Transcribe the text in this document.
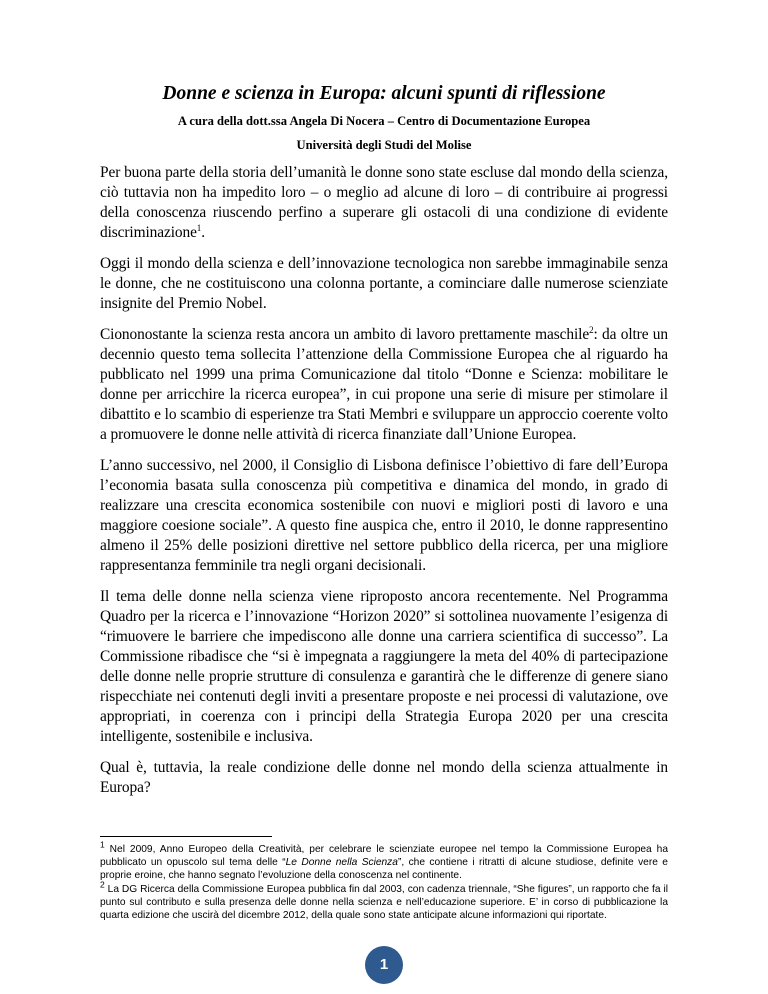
Donne e scienza in Europa: alcuni spunti di riflessione
A cura della dott.ssa Angela Di Nocera – Centro di Documentazione Europea
Università degli Studi del Molise

Per buona parte della storia dell’umanità le donne sono state escluse dal mondo della scienza, ciò tuttavia non ha impedito loro – o meglio ad alcune di loro – di contribuire ai progressi della conoscenza riuscendo perfino a superare gli ostacoli di una condizione di evidente discriminazione$^1$.

Oggi il mondo della scienza e dell’innovazione tecnologica non sarebbe immaginabile senza le donne, che ne costituiscono una colonna portante, a cominciare dalle numerose scienziate insignite del Premio Nobel.

Ciononostante la scienza resta ancora un ambito di lavoro prettamente maschile$^2$: da oltre un decennio questo tema sollecita l’attenzione della Commissione Europea che al riguardo ha pubblicato nel 1999 una prima Comunicazione dal titolo “Donne e Scienza: mobilitare le donne per arricchire la ricerca europea”, in cui propone una serie di misure per stimolare il dibattito e lo scambio di esperienze tra Stati Membri e sviluppare un approccio coerente volto a promuovere le donne nelle attività di ricerca finanziate dall’Unione Europea.

L’anno successivo, nel 2000, il Consiglio di Lisbona definisce l’obiettivo di fare dell’Europa l’economia basata sulla conoscenza più competitiva e dinamica del mondo, in grado di realizzare una crescita economica sostenibile con nuovi e migliori posti di lavoro e una maggiore coesione sociale”. A questo fine auspica che, entro il 2010, le donne rappresentino almeno il 25% delle posizioni direttive nel settore pubblico della ricerca, per una migliore rappresentanza femminile tra negli organi decisionali.

Il tema delle donne nella scienza viene riproposto ancora recentemente. Nel Programma Quadro per la ricerca e l’innovazione “Horizon 2020” si sottolinea nuovamente l’esigenza di “rimuovere le barriere che impediscono alle donne una carriera scientifica di successo”. La Commissione ribadisce che “si è impegnata a raggiungere la meta del 40% di partecipazione delle donne nelle proprie strutture di consulenza e garantirà che le differenze di genere siano rispecchiate nei contenuti degli inviti a presentare proposte e nei processi di valutazione, ove appropriati, in coerenza con i principi della Strategia Europa 2020 per una crescita intelligente, sostenibile e inclusiva.

Qual è, tuttavia, la reale condizione delle donne nel mondo della scienza attualmente in Europa?

$^1$ Nel 2009, Anno Europeo della Creatività, per celebrare le scienziate europee nel tempo la Commissione Europea ha pubblicato un opuscolo sul tema delle “Le Donne nella Scienza”, che contiene i ritratti di alcune studiose, definite vere e proprie eroine, che hanno segnato l’evoluzione della conoscenza nel continente.

$^2$ La DG Ricerca della Commissione Europea pubblica fin dal 2003, con cadenza triennale, “She figures”, un rapporto che fa il punto sul contributo e sulla presenza delle donne nella scienza e nell’educazione superiore. E’ in corso di pubblicazione la quarta edizione che uscirà del dicembre 2012, della quale sono state anticipate alcune informazioni qui riportate.

1
